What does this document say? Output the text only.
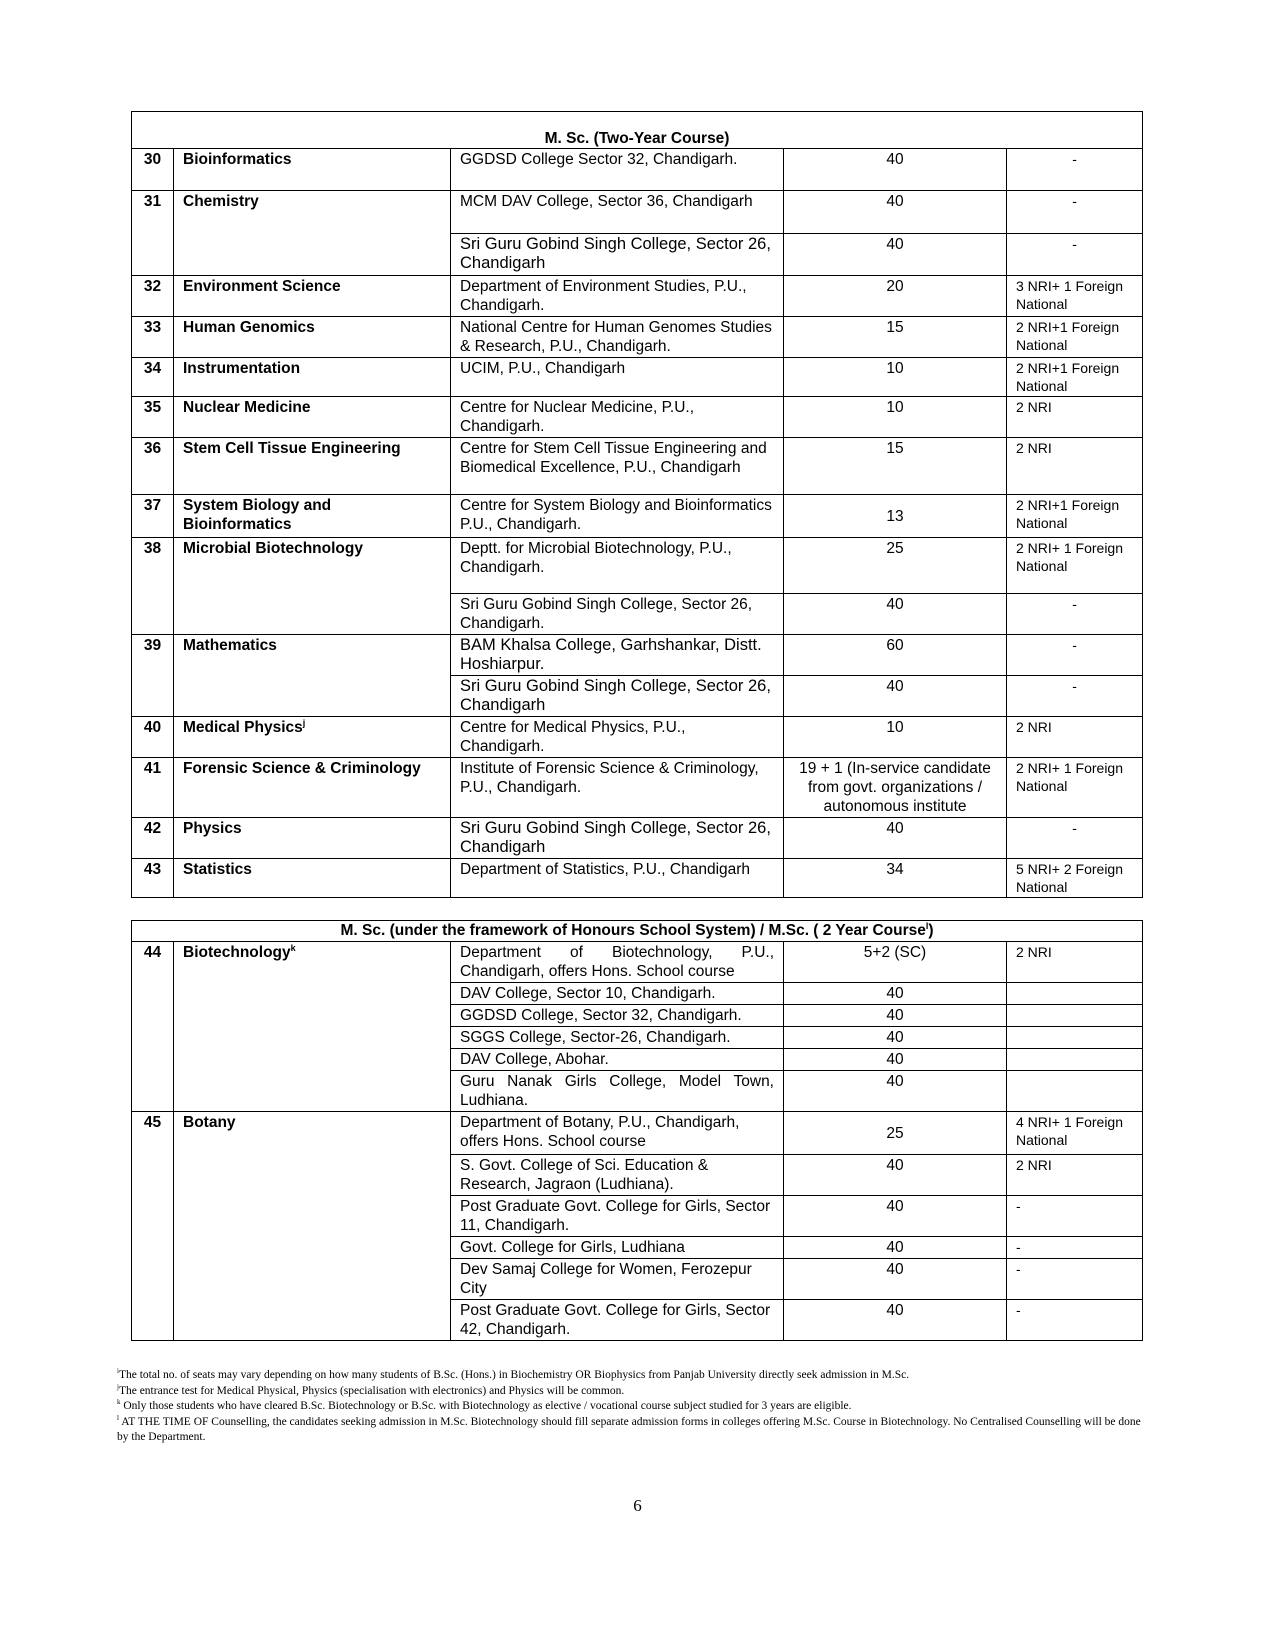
M. Sc. (Two-Year Course)				
30	Bioinformatics	GGDSD College Sector 32, Chandigarh.	40	-
31	Chemistry	MCM DAV College, Sector 36, Chandigarh	40	-
		Sri Guru Gobind Singh College, Sector 26, Chandigarh	40	-
32	Environment Science	Department of Environment Studies, P.U., Chandigarh.	20	3 NRI+ 1 Foreign National
33	Human Genomics	National Centre for Human Genomes Studies & Research, P.U., Chandigarh.	15	2 NRI+1 Foreign National
34	Instrumentation	UCIM, P.U., Chandigarh	10	2 NRI+1 Foreign National
35	Nuclear Medicine	Centre for Nuclear Medicine, P.U., Chandigarh.	10	2 NRI
36	Stem Cell Tissue Engineering	Centre for Stem Cell Tissue Engineering and Biomedical Excellence, P.U., Chandigarh	15	2 NRI
37	System Biology and Bioinformatics	Centre for System Biology and Bioinformatics P.U., Chandigarh.	13	2 NRI+1 Foreign National
38	Microbial Biotechnology	Deptt. for Microbial Biotechnology, P.U., Chandigarh.	25	2 NRI+ 1 Foreign National
		Sri Guru Gobind Singh College, Sector 26, Chandigarh.	40	-
39	Mathematics	BAM Khalsa College, Garhshankar, Distt. Hoshiarpur.	60	-
		Sri Guru Gobind Singh College, Sector 26, Chandigarh	40	-
40	Medical Physics$^j$	Centre for Medical Physics, P.U., Chandigarh.	10	2 NRI
41	Forensic Science & Criminology	Institute of Forensic Science & Criminology, P.U., Chandigarh.	19 + 1 (In-service candidate from govt. organizations / autonomous institute	2 NRI+ 1 Foreign National
42	Physics	Sri Guru Gobind Singh College, Sector 26, Chandigarh	40	-
43	Statistics	Department of Statistics, P.U., Chandigarh	34	5 NRI+ 2 Foreign National
M. Sc. (under the framework of Honours School System) / M.Sc. ( 2 Year Course$^l$)				
44	Biotechnology$^k$	Department of Biotechnology, P.U., Chandigarh, offers Hons. School course	5+2 (SC)	2 NRI
		DAV College, Sector 10, Chandigarh.	40	
		GGDSD College, Sector 32, Chandigarh.	40	
		SGGS College, Sector-26, Chandigarh.	40	
		DAV College, Abohar.	40	
		Guru Nanak Girls College, Model Town, Ludhiana.	40	
45	Botany	Department of Botany, P.U., Chandigarh, offers Hons. School course	25	4 NRI+ 1 Foreign National
		S. Govt. College of Sci. Education & Research, Jagraon (Ludhiana).	40	2 NRI
		Post Graduate Govt. College for Girls, Sector 11, Chandigarh.	40	-
		Govt. College for Girls, Ludhiana	40	-
		Dev Samaj College for Women, Ferozepur City	40	-
		Post Graduate Govt. College for Girls, Sector 42, Chandigarh.	40	-
$^i$The total no. of seats may vary depending on how many students of B.Sc. (Hons.) in Biochemistry OR Biophysics from Panjab University directly seek admission in M.Sc.
$^j$The entrance test for Medical Physical, Physics (specialisation with electronics) and Physics will be common.
$^k$ Only those students who have cleared B.Sc. Biotechnology or B.Sc. with Biotechnology as elective / vocational course subject studied for 3 years are eligible.
$^l$ AT THE TIME OF Counselling, the candidates seeking admission in M.Sc. Biotechnology should fill separate admission forms in colleges offering M.Sc. Course in Biotechnology. No Centralised Counselling will be done by the Department.
6
